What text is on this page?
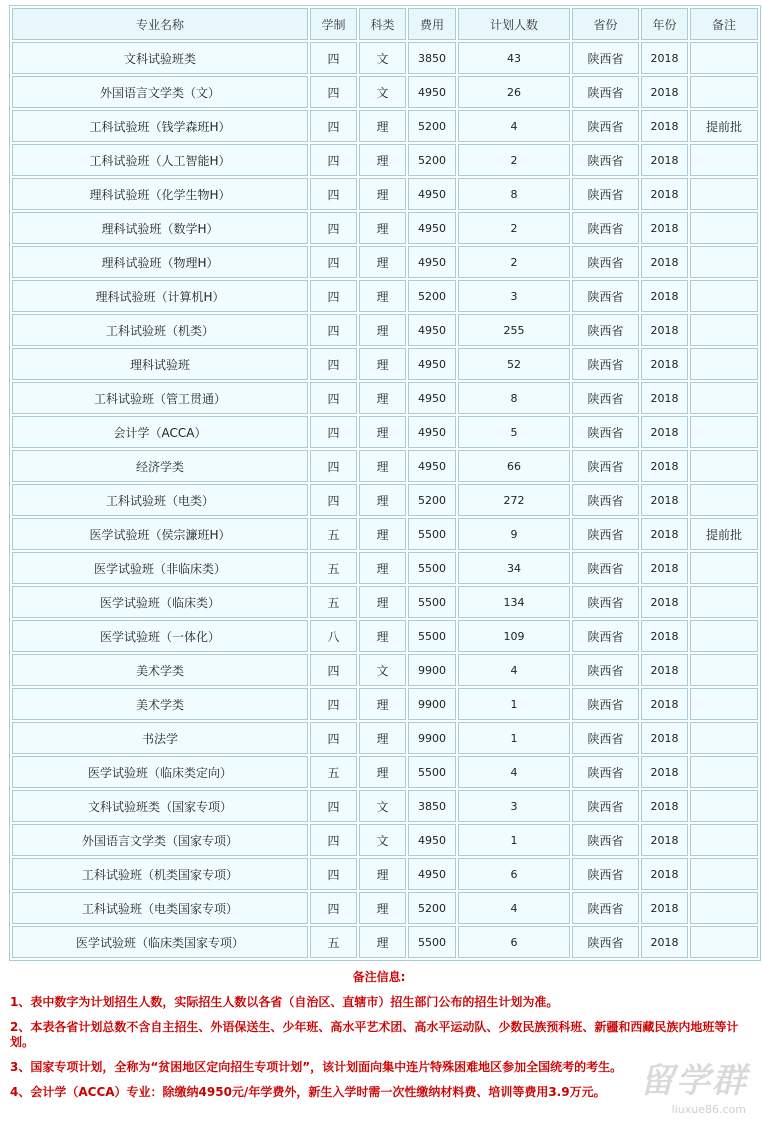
专业名称	学制	科类	费用	计划人数	省份	年份	备注
文科试验班类	四	文	3850	43	陕西省	2018	
外国语言文学类（文）	四	文	4950	26	陕西省	2018	
工科试验班（钱学森班H）	四	理	5200	4	陕西省	2018	提前批
工科试验班（人工智能H）	四	理	5200	2	陕西省	2018	
理科试验班（化学生物H）	四	理	4950	8	陕西省	2018	
理科试验班（数学H）	四	理	4950	2	陕西省	2018	
理科试验班（物理H）	四	理	4950	2	陕西省	2018	
理科试验班（计算机H）	四	理	5200	3	陕西省	2018	
工科试验班（机类）	四	理	4950	255	陕西省	2018	
理科试验班	四	理	4950	52	陕西省	2018	
工科试验班（管工贯通）	四	理	4950	8	陕西省	2018	
会计学（ACCA）	四	理	4950	5	陕西省	2018	
经济学类	四	理	4950	66	陕西省	2018	
工科试验班（电类）	四	理	5200	272	陕西省	2018	
医学试验班（侯宗濂班H）	五	理	5500	9	陕西省	2018	提前批
医学试验班（非临床类）	五	理	5500	34	陕西省	2018	
医学试验班（临床类）	五	理	5500	134	陕西省	2018	
医学试验班（一体化）	八	理	5500	109	陕西省	2018	
美术学类	四	文	9900	4	陕西省	2018	
美术学类	四	理	9900	1	陕西省	2018	
书法学	四	理	9900	1	陕西省	2018	
医学试验班（临床类定向）	五	理	5500	4	陕西省	2018	
文科试验班类（国家专项）	四	文	3850	3	陕西省	2018	
外国语言文学类（国家专项）	四	文	4950	1	陕西省	2018	
工科试验班（机类国家专项）	四	理	4950	6	陕西省	2018	
工科试验班（电类国家专项）	四	理	5200	4	陕西省	2018	
医学试验班（临床类国家专项）	五	理	5500	6	陕西省	2018	
备注信息:
1、表中数字为计划招生人数，实际招生人数以各省（自治区、直辖市）招生部门公布的招生计划为准。
2、本表各省计划总数不含自主招生、外语保送生、少年班、高水平艺术团、高水平运动队、少数民族预科班、新疆和西藏民族内地班等计划。
3、国家专项计划，全称为“贫困地区定向招生专项计划”，该计划面向集中连片特殊困难地区参加全国统考的考生。
4、会计学（ACCA）专业：除缴纳4950元/年学费外，新生入学时需一次性缴纳材料费、培训等费用3.9万元。	留学群
liuxue86.com
